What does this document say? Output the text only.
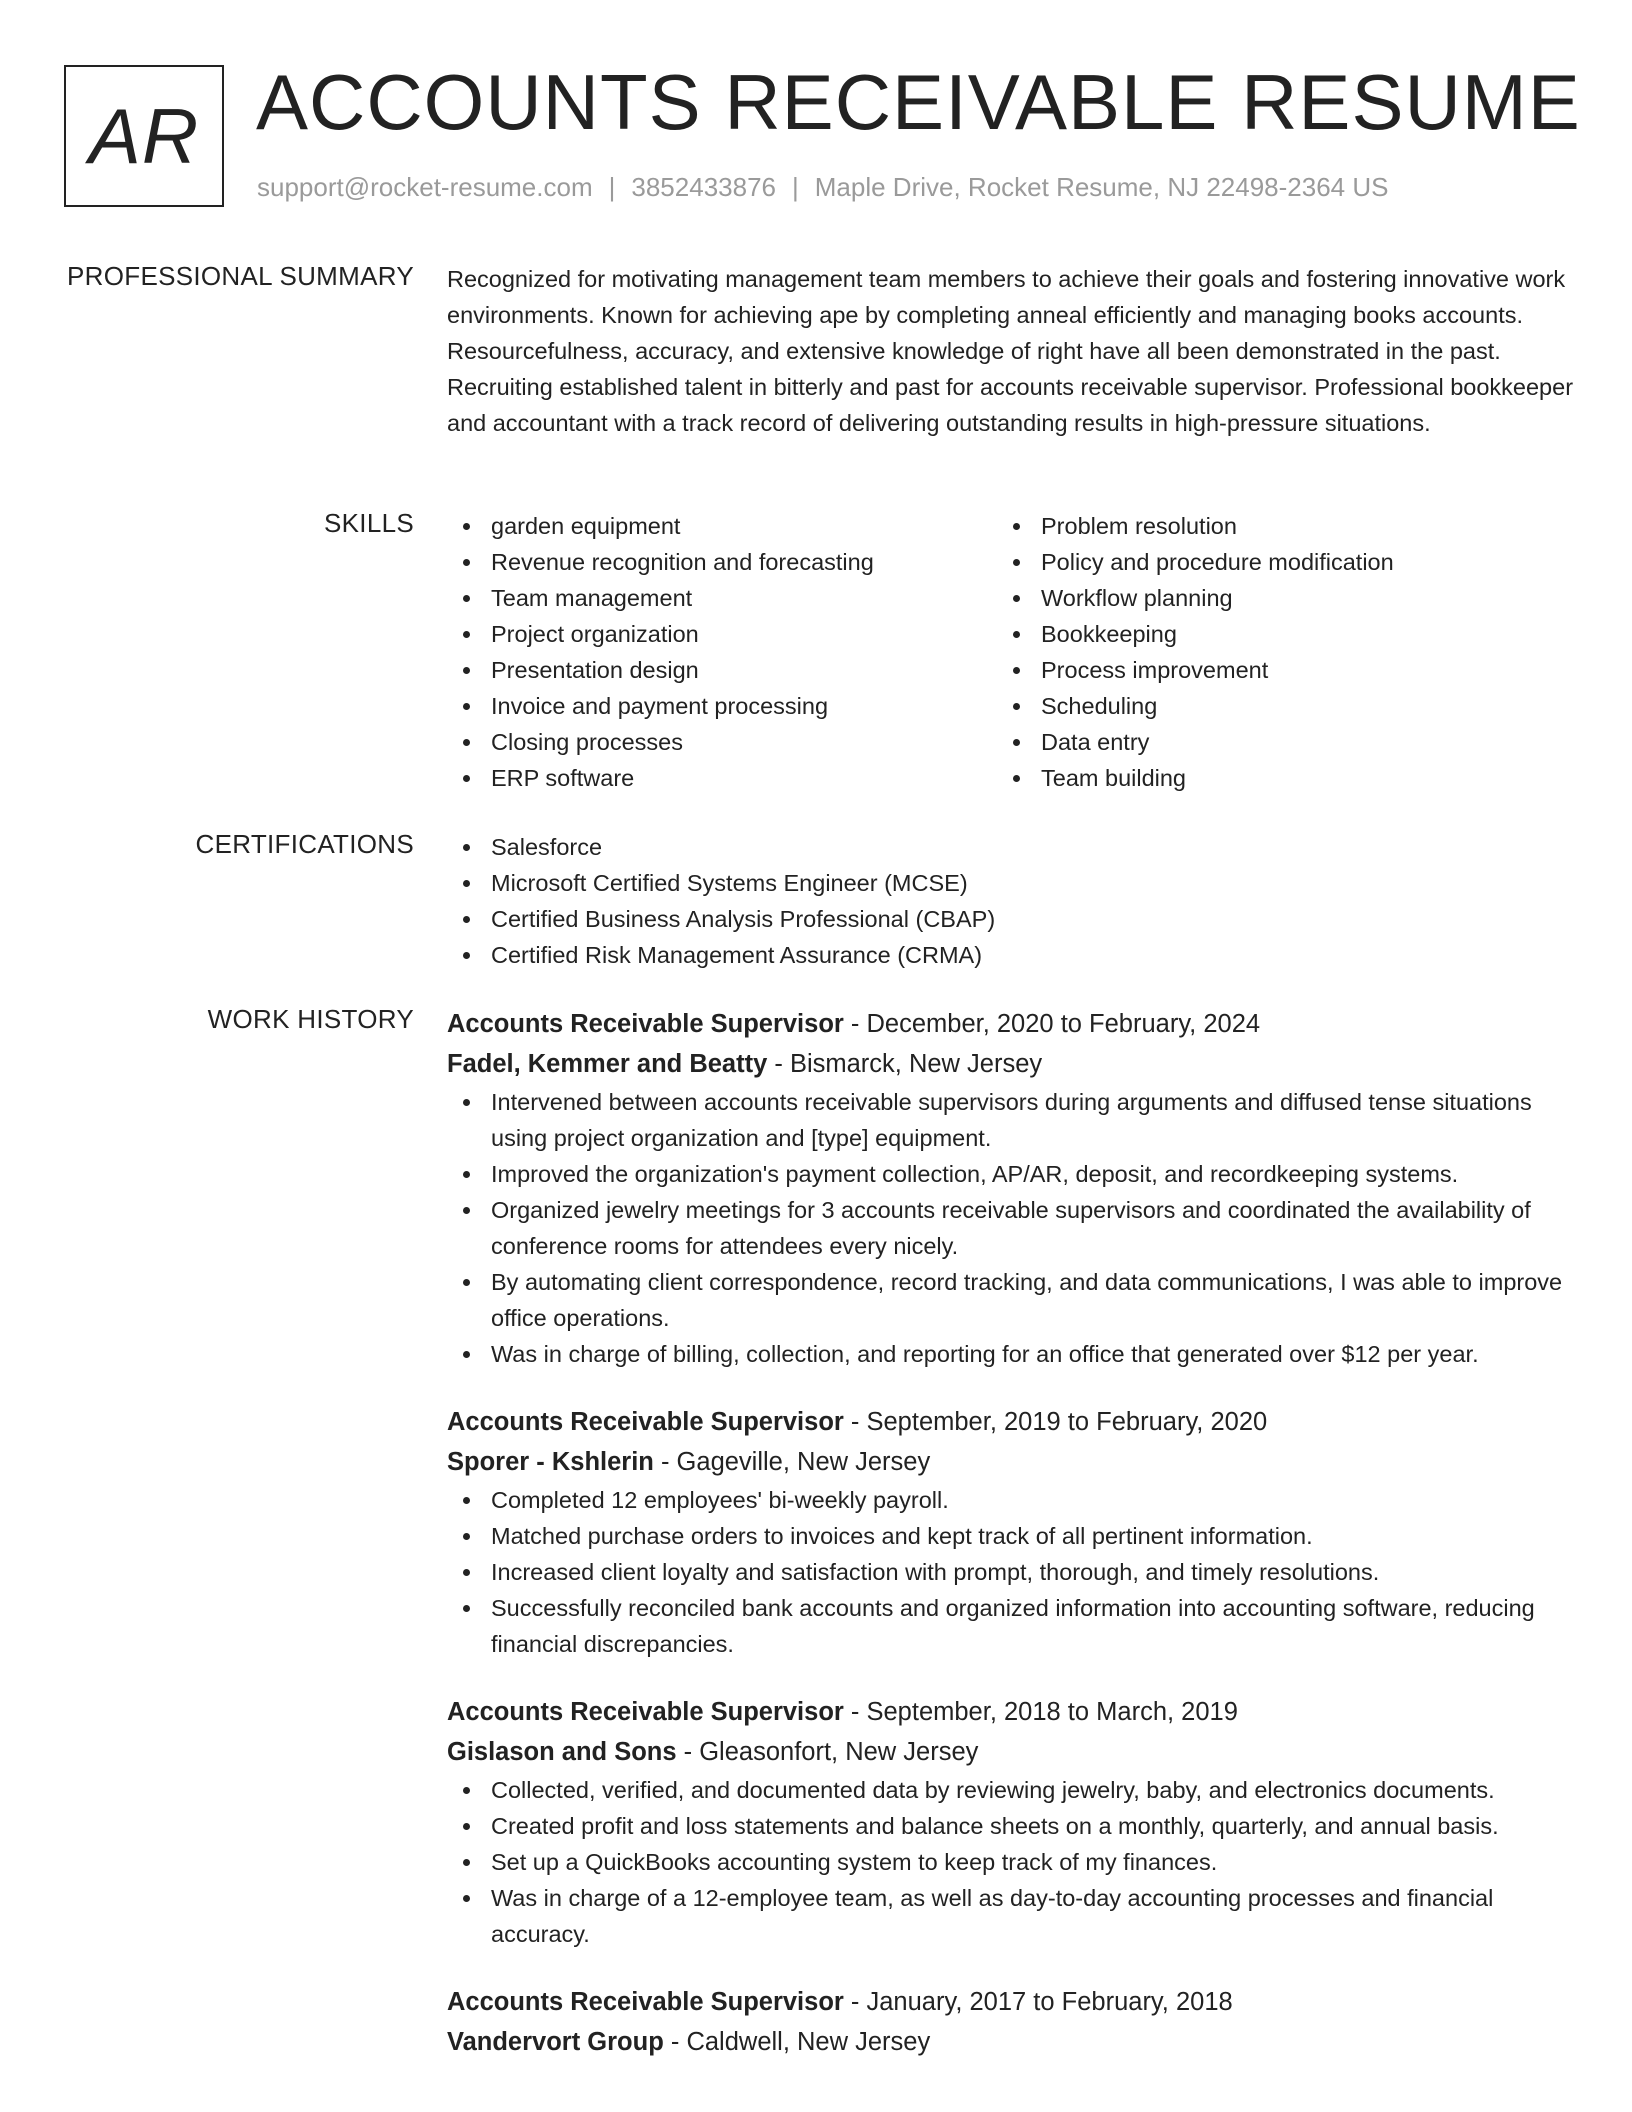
AR ACCOUNTS RECEIVABLE RESUME
support@rocket-resume.com | 3852433876 | Maple Drive, Rocket Resume, NJ 22498-2364 US
PROFESSIONAL SUMMARY Recognized for motivating management team members to achieve their goals and fostering innovative work environments. Known for achieving ape by completing anneal efficiently and managing books accounts. Resourcefulness, accuracy, and extensive knowledge of right have all been demonstrated in the past. Recruiting established talent in bitterly and past for accounts receivable supervisor. Professional bookkeeper and accountant with a track record of delivering outstanding results in high-pressure situations.

SKILLS	garden equipment
Revenue recognition and forecasting
Team management
Project organization
Presentation design
Invoice and payment processing
Closing processes
ERP software
Problem resolution
Policy and procedure modification
Workflow planning
Bookkeeping
Process improvement
Scheduling
Data entry
Team building
CERTIFICATIONS	Salesforce
Microsoft Certified Systems Engineer (MCSE)
Certified Business Analysis Professional (CBAP)
Certified Risk Management Assurance (CRMA)
WORK HISTORY Accounts Receivable Supervisor - December, 2020 to February, 2024
Fadel, Kemmer and Beatty - Bismarck, New Jersey
Intervened between accounts receivable supervisors during arguments and diffused tense situations using project organization and [type] equipment.
Improved the organization's payment collection, AP/AR, deposit, and recordkeeping systems.
Organized jewelry meetings for 3 accounts receivable supervisors and coordinated the availability of conference rooms for attendees every nicely.
By automating client correspondence, record tracking, and data communications, I was able to improve office operations.
Was in charge of billing, collection, and reporting for an office that generated over $12 per year.
Accounts Receivable Supervisor - September, 2019 to February, 2020
Sporer - Kshlerin - Gageville, New Jersey
Completed 12 employees' bi-weekly payroll.
Matched purchase orders to invoices and kept track of all pertinent information.
Increased client loyalty and satisfaction with prompt, thorough, and timely resolutions.
Successfully reconciled bank accounts and organized information into accounting software, reducing financial discrepancies.
Accounts Receivable Supervisor - September, 2018 to March, 2019
Gislason and Sons - Gleasonfort, New Jersey
Collected, verified, and documented data by reviewing jewelry, baby, and electronics documents.
Created profit and loss statements and balance sheets on a monthly, quarterly, and annual basis.
Set up a QuickBooks accounting system to keep track of my finances.
Was in charge of a 12-employee team, as well as day-to-day accounting processes and financial accuracy.
Accounts Receivable Supervisor - January, 2017 to February, 2018
Vandervort Group - Caldwell, New Jersey
